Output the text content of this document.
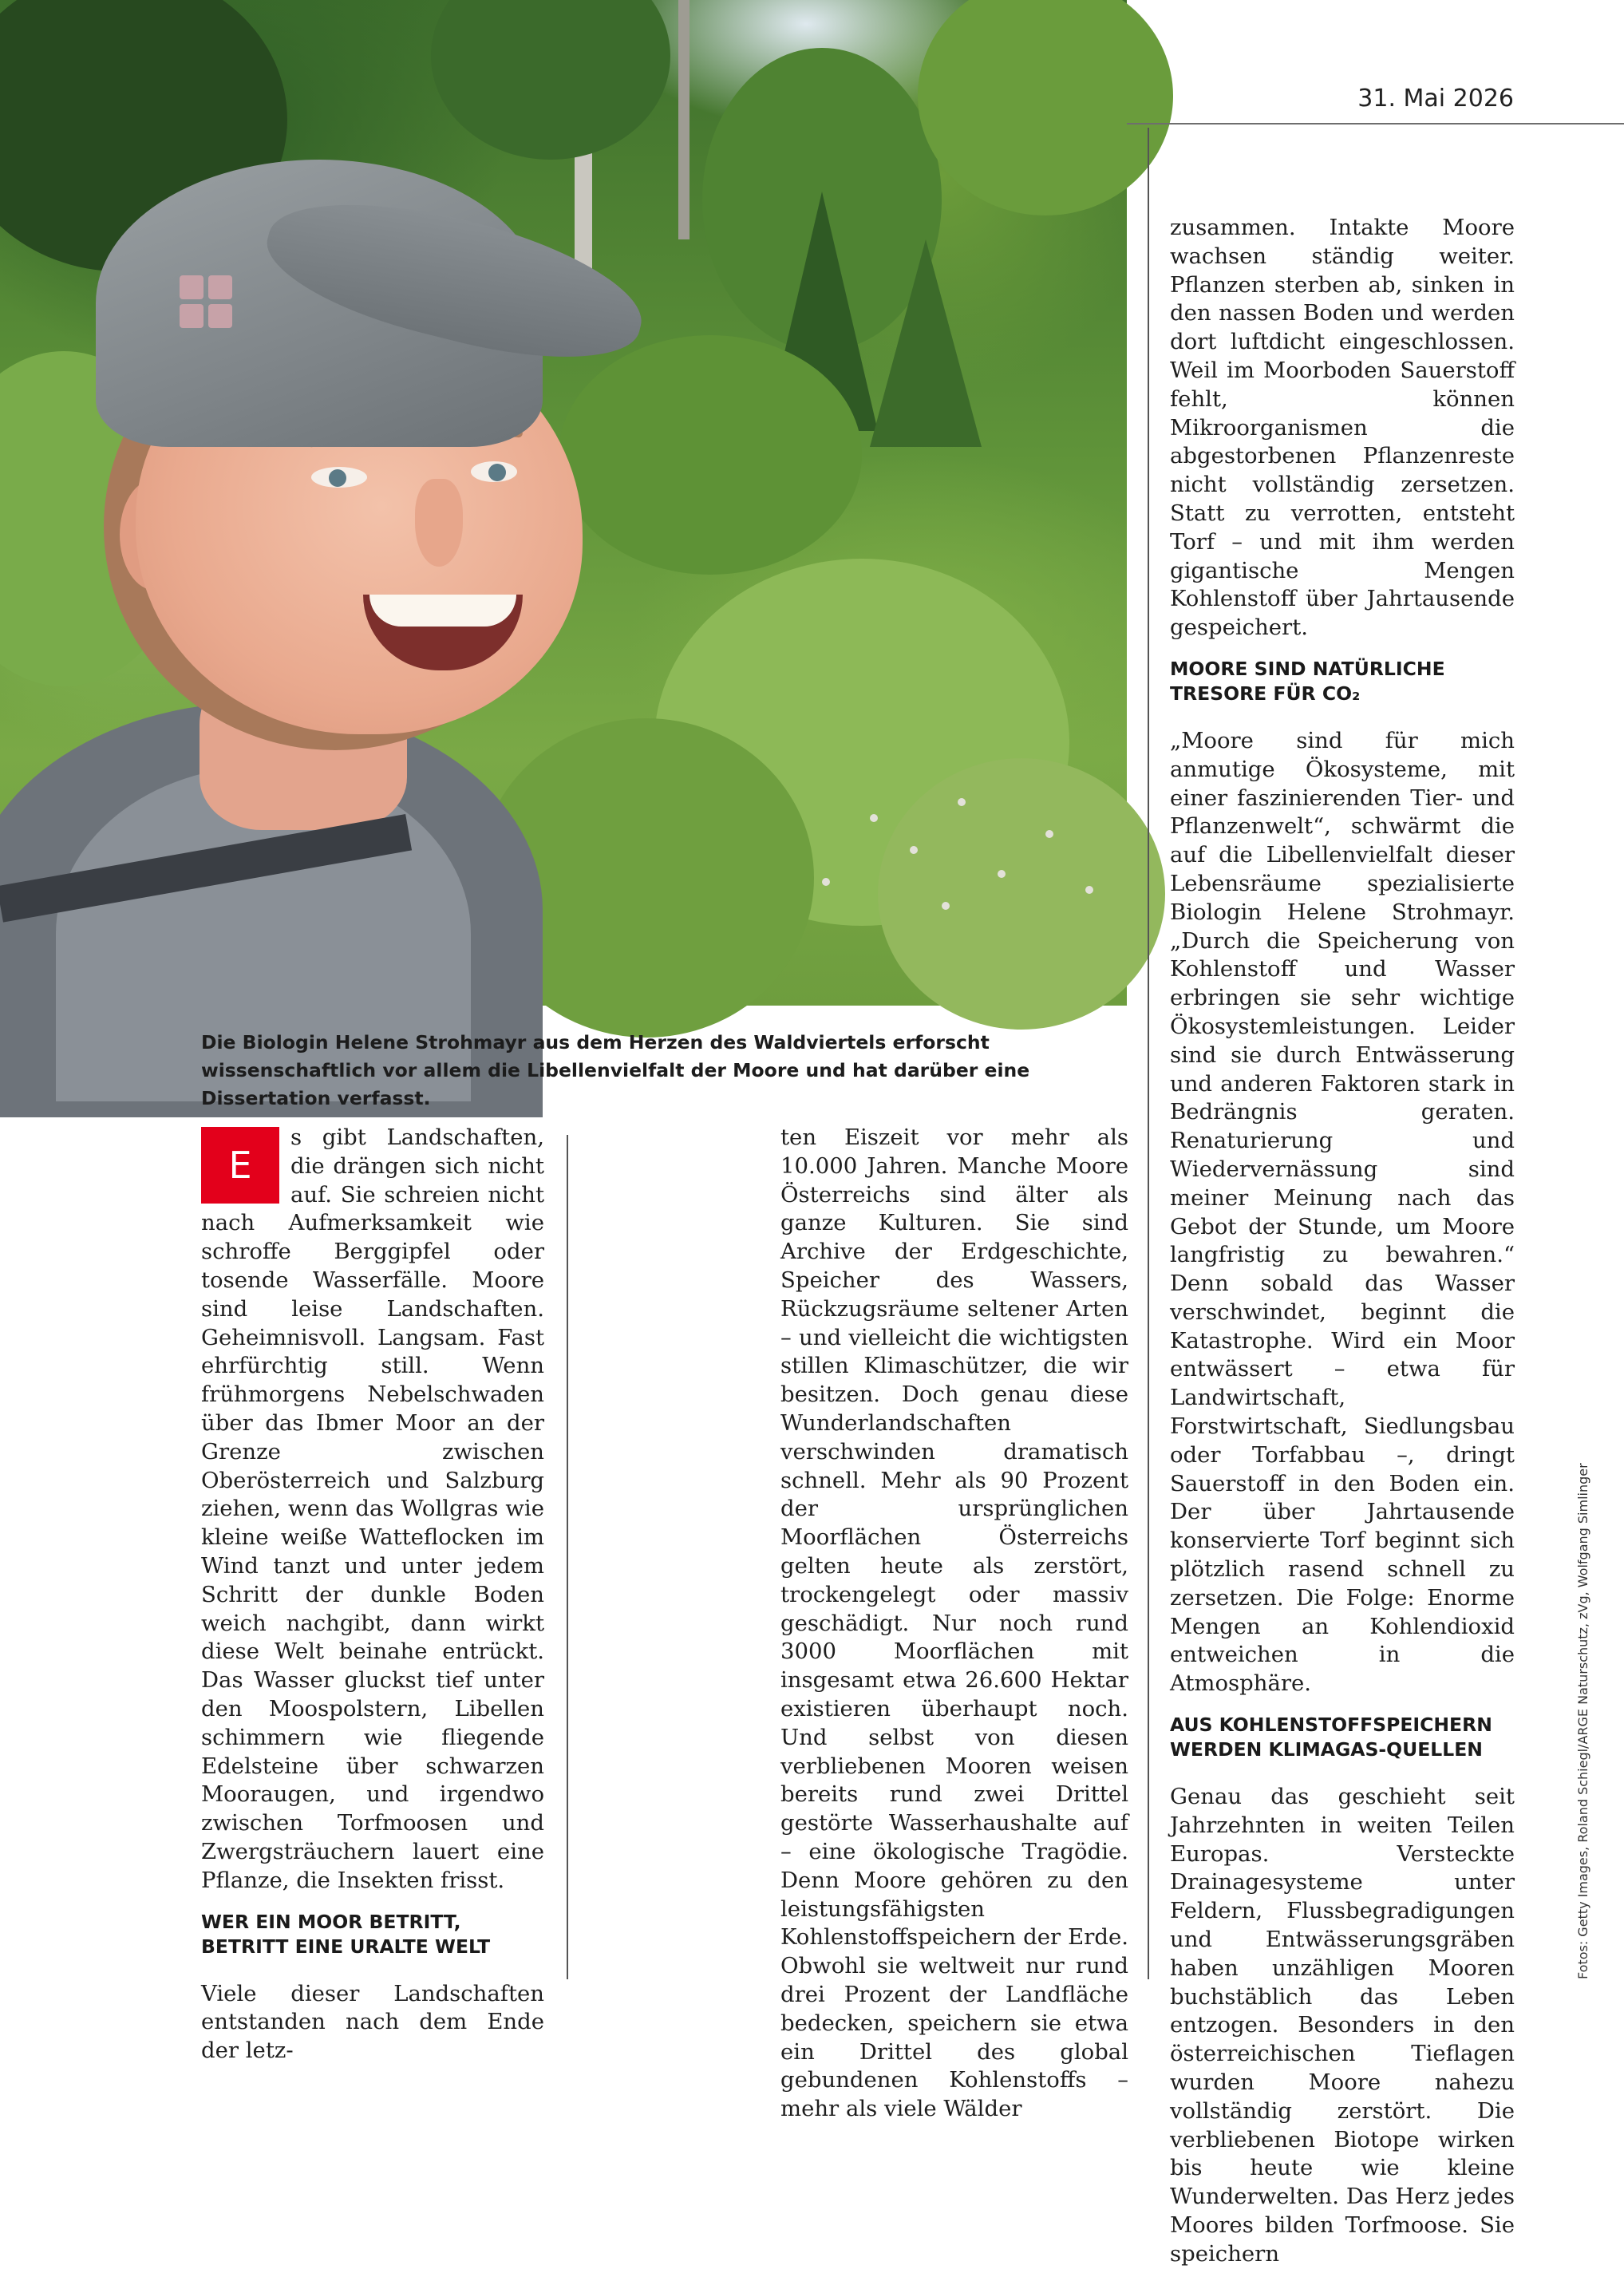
31. Mai 2026
Die Biologin Helene Strohmayr aus dem Herzen des Waldviertels erforscht wissenschaftlich vor allem die Libellenvielfalt der Moore und hat darüber eine Dissertation verfasst.
E

s gibt Landschaften, die drängen sich nicht auf. Sie schreien nicht nach Aufmerksamkeit wie schroffe Berggipfel oder tosende Wasserfälle. Moore sind leise Landschaften. Geheimnisvoll. Langsam. Fast ehrfürchtig still. Wenn frühmorgens Nebelschwaden über das Ibmer Moor an der Grenze zwischen Oberösterreich und Salzburg ziehen, wenn das Wollgras wie kleine weiße Watteflocken im Wind tanzt und unter jedem Schritt der dunkle Boden weich nachgibt, dann wirkt diese Welt beinahe entrückt. Das Wasser gluckst tief unter den Moospolstern, Libellen schimmern wie fliegende Edelsteine über schwarzen Mooraugen, und irgendwo zwischen Torfmoosen und Zwergsträuchern lauert eine Pflanze, die Insekten frisst.

WER EIN MOOR BETRITT, BETRITT EINE URALTE WELT

Viele dieser Landschaften entstanden nach dem Ende der letz-

ten Eiszeit vor mehr als 10.000 Jahren. Manche Moore Österreichs sind älter als ganze Kulturen. Sie sind Archive der Erdgeschichte, Speicher des Wassers, Rückzugsräume seltener Arten – und vielleicht die wichtigsten stillen Klimaschützer, die wir besitzen. Doch genau diese Wunderlandschaften verschwinden dramatisch schnell. Mehr als 90 Prozent der ursprünglichen Moorflächen Österreichs gelten heute als zerstört, trockengelegt oder massiv geschädigt. Nur noch rund 3000 Moorflächen mit insgesamt etwa 26.600 Hektar existieren überhaupt noch. Und selbst von diesen verbliebenen Mooren weisen bereits rund zwei Drittel gestörte Wasserhaushalte auf – eine ökologische Tragödie. Denn Moore gehören zu den leistungsfähigsten Kohlenstoffspeichern der Erde. Obwohl sie weltweit nur rund drei Prozent der Landfläche bedecken, speichern sie etwa ein Drittel des global gebundenen Kohlenstoffs – mehr als viele Wälder

zusammen. Intakte Moore wachsen ständig weiter. Pflanzen sterben ab, sinken in den nassen Boden und werden dort luftdicht eingeschlossen. Weil im Moorboden Sauerstoff fehlt, können Mikroorganismen die abgestorbenen Pflanzenreste nicht vollständig zersetzen. Statt zu verrotten, entsteht Torf – und mit ihm werden gigantische Mengen Kohlenstoff über Jahrtausende gespeichert.

MOORE SIND NATÜRLICHE TRESORE FÜR CO₂

„Moore sind für mich anmutige Ökosysteme, mit einer faszinierenden Tier- und Pflanzenwelt“, schwärmt die auf die Libellenvielfalt dieser Lebensräume spezialisierte Biologin Helene Strohmayr. „Durch die Speicherung von Kohlenstoff und Wasser erbringen sie sehr wichtige Ökosystemleistungen. Leider sind sie durch Entwässerung und anderen Faktoren stark in Bedrängnis geraten. Renaturierung und Wiedervernässung sind meiner Meinung nach das Gebot der Stunde, um Moore langfristig zu bewahren.“ Denn sobald das Wasser verschwindet, beginnt die Katastrophe. Wird ein Moor entwässert – etwa für Landwirtschaft, Forstwirtschaft, Siedlungsbau oder Torfabbau –, dringt Sauerstoff in den Boden ein. Der über Jahrtausende konservierte Torf beginnt sich plötzlich rasend schnell zu zersetzen. Die Folge: Enorme Mengen an Kohlendioxid entweichen in die Atmosphäre.

AUS KOHLENSTOFFSPEICHERN WERDEN KLIMAGAS-QUELLEN

Genau das geschieht seit Jahrzehnten in weiten Teilen Europas. Versteckte Drainagesysteme unter Feldern, Flussbegradigungen und Entwässerungsgräben haben unzähligen Mooren buchstäblich das Leben entzogen. Besonders in den österreichischen Tieflagen wurden Moore nahezu vollständig zerstört. Die verbliebenen Biotope wirken bis heute wie kleine Wunderwelten. Das Herz jedes Moores bilden Torfmoose. Sie speichern

Fotos: Getty Images, Roland Schiegl/ARGE Naturschutz, zVg, Wolfgang Simlinger
